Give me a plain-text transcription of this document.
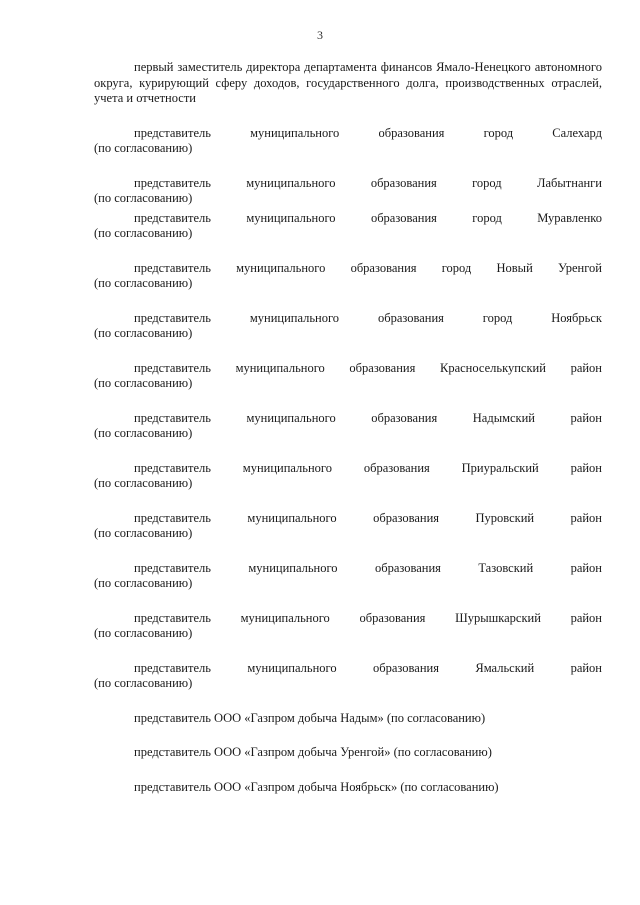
3
первый заместитель директора департамента финансов Ямало-Ненецкого автономного округа, курирующий сферу доходов, государственного долга, производственных отраслей, учета и отчетности
представитель муниципального образования город Салехард
(по согласованию)
представитель муниципального образования город Лабытнанги
(по согласованию)
представитель муниципального образования город Муравленко
(по согласованию)
представитель муниципального образования город Новый Уренгой
(по согласованию)
представитель муниципального образования город Ноябрьск
(по согласованию)
представитель муниципального образования Красноселькупский район
(по согласованию)
представитель муниципального образования Надымский район
(по согласованию)
представитель муниципального образования Приуральский район
(по согласованию)
представитель муниципального образования Пуровский район
(по согласованию)
представитель муниципального образования Тазовский район
(по согласованию)
представитель муниципального образования Шурышкарский район
(по согласованию)
представитель муниципального образования Ямальский район
(по согласованию)
представитель ООО «Газпром добыча Надым» (по согласованию)
представитель ООО «Газпром добыча Уренгой» (по согласованию)
представитель ООО «Газпром добыча Ноябрьск» (по согласованию)
